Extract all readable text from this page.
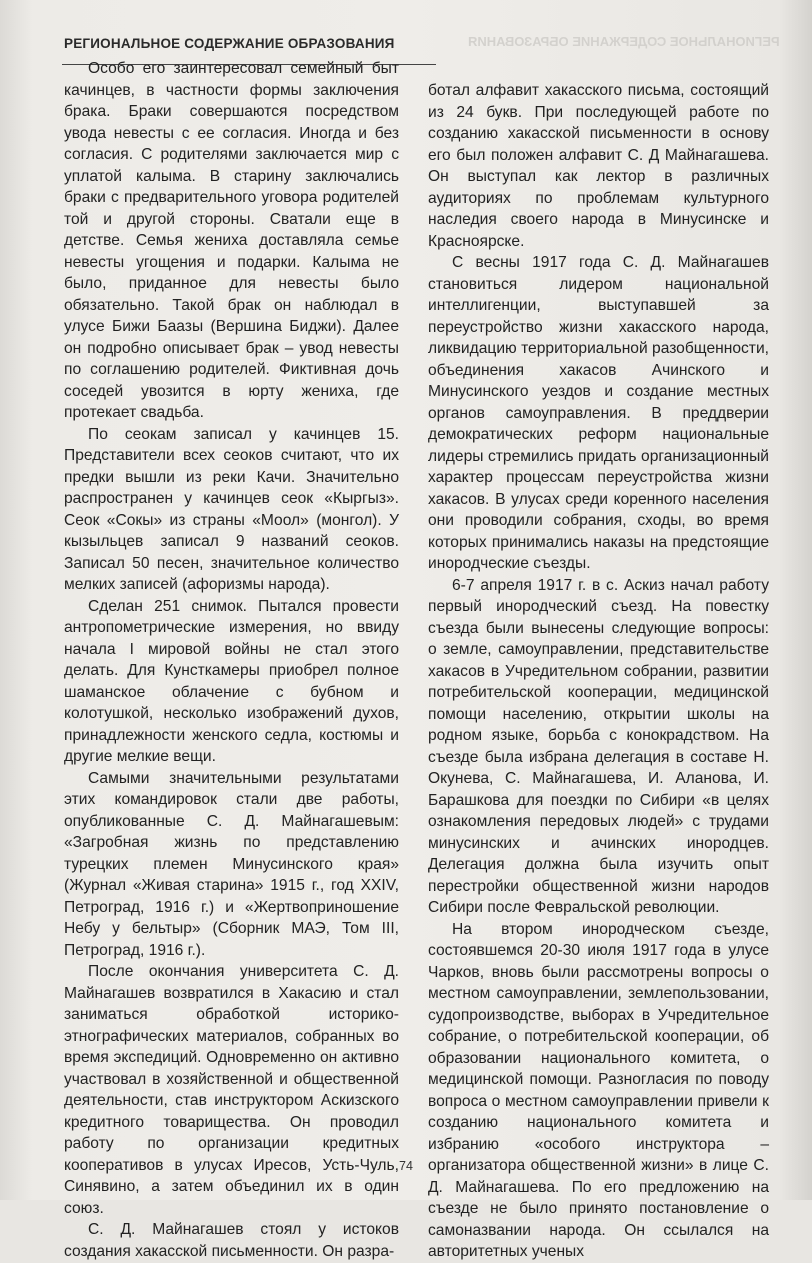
РЕГИОНАЛЬНОЕ СОДЕРЖАНИЕ ОБРАЗОВАНИЯ
РЕГИОНАЛЬНОЕ СОДЕРЖАНИЕ ОБРАЗОВАНИЯ

Особо его заинтересовал семейный быт качинцев, в частности формы заключения брака. Браки совершаются посредством увода невесты с ее согласия. Иногда и без согласия. С родителями заключается мир с уплатой калыма. В старину заключались браки с предварительного уговора родителей той и другой стороны. Сватали еще в детстве. Семья жениха доставляла семье невесты угощения и подарки. Калыма не было, приданное для невесты было обязательно. Такой брак он наблюдал в улусе Бижи Баазы (Вершина Биджи). Далее он подробно описывает брак – увод невесты по соглашению родителей. Фиктивная дочь соседей увозится в юрту жениха, где протекает свадьба.

По сеокам записал у качинцев 15. Представители всех сеоков считают, что их предки вышли из реки Качи. Значительно распространен у качинцев сеок «Кыргыз». Сеок «Сокы» из страны «Моол» (монгол). У кызыльцев записал 9 названий сеоков. Записал 50 песен, значительное количество мелких записей (афоризмы народа).

Сделан 251 снимок. Пытался провести антропометрические измерения, но ввиду начала I мировой войны не стал этого делать. Для Кунсткамеры приобрел полное шаманское облачение с бубном и колотушкой, несколько изображений духов, принадлежности женского седла, костюмы и другие мелкие вещи.

Самыми значительными результатами этих командировок стали две работы, опубликованные С. Д. Майнагашевым: «Загробная жизнь по представлению турецких племен Минусинского края» (Журнал «Живая старина» 1915 г., год XXIV, Петроград, 1916 г.) и «Жертвоприношение Небу у бельтыр» (Сборник МАЭ, Том III, Петроград, 1916 г.).

После окончания университета С. Д. Майнагашев возвратился в Хакасию и стал заниматься обработкой историко-этнографических материалов, собранных во время экспедиций. Одновременно он активно участвовал в хозяйственной и общественной деятельности, став инструктором Аскизского кредитного товарищества. Он проводил работу по организации кредитных кооперативов в улусах Иресов, Усть-Чуль, Синявино, а затем объединил их в один союз.

С. Д. Майнагашев стоял у истоков создания хакасской письменности. Он разра-

ботал алфавит хакасского письма, состоящий из 24 букв. При последующей работе по созданию хакасской письменности в основу его был положен алфавит С. Д Майнагашева. Он выступал как лектор в различных аудиториях по проблемам культурного наследия своего народа в Минусинске и Красноярске.

С весны 1917 года С. Д. Майнагашев становиться лидером национальной интеллигенции, выступавшей за переустройство жизни хакасского народа, ликвидацию территориальной разобщенности, объединения хакасов Ачинского и Минусинского уездов и создание местных органов самоуправления. В преддверии демократических реформ национальные лидеры стремились придать организационный характер процессам переустройства жизни хакасов. В улусах среди коренного населения они проводили собрания, сходы, во время которых принимались наказы на предстоящие инородческие съезды.

6-7 апреля 1917 г. в с. Аскиз начал работу первый инородческий съезд. На повестку съезда были вынесены следующие вопросы: о земле, самоуправлении, представительстве хакасов в Учредительном собрании, развитии потребительской кооперации, медицинской помощи населению, открытии школы на родном языке, борьба с конокрадством. На съезде была избрана делегация в составе Н. Окунева, С. Майнагашева, И. Аланова, И. Барашкова для поездки по Сибири «в целях ознакомления передовых людей» с трудами минусинских и ачинских инородцев. Делегация должна была изучить опыт перестройки общественной жизни народов Сибири после Февральской революции.

На втором инородческом съезде, состоявшемся 20-30 июля 1917 года в улусе Чарков, вновь были рассмотрены вопросы о местном самоуправлении, землепользовании, судопроизводстве, выборах в Учредительное собрание, о потребительской кооперации, об образовании национального комитета, о медицинской помощи. Разногласия по поводу вопроса о местном самоуправлении привели к созданию национального комитета и избранию «особого инструктора – организатора общественной жизни» в лице С. Д. Майнагашева. По его предложению на съезде не было принято постановление о самоназвании народа. Он ссылался на авторитетных ученых

74
